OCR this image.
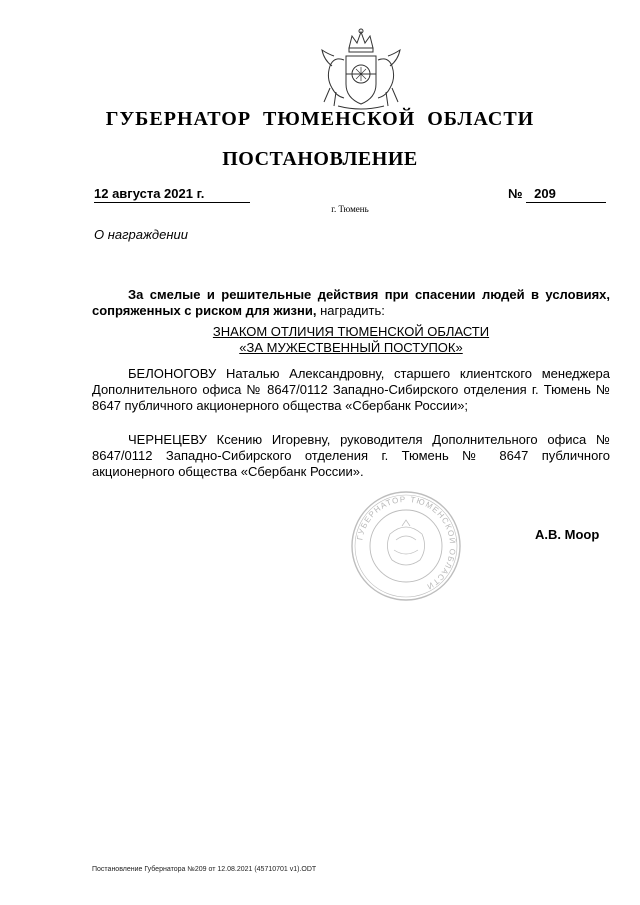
ГУБЕРНАТОР ТЮМЕНСКОЙ ОБЛАСТИ
ПОСТАНОВЛЕНИЕ
12 августа 2021 г.	№ 209
г. Тюмень
О награждении
За смелые и решительные действия при спасении людей в условиях, сопряженных с риском для жизни, наградить:
ЗНАКОМ ОТЛИЧИЯ ТЮМЕНСКОЙ ОБЛАСТИ
«ЗА МУЖЕСТВЕННЫЙ ПОСТУПОК»
БЕЛОНОГОВУ Наталью Александровну, старшего клиентского менеджера Дополнительного офиса № 8647/0112 Западно-Сибирского отделения г. Тюмень № 8647 публичного акционерного общества «Сбербанк России»;
ЧЕРНЕЦЕВУ Ксению Игоревну, руководителя Дополнительного офиса № 8647/0112 Западно-Сибирского отделения г. Тюмень № 8647 публичного акционерного общества «Сбербанк России».
ГУБЕРНАТОР ТЮМЕНСКОЙ ОБЛАСТИ
А.В. Моор
Постановление Губернатора №209 от 12.08.2021 (45710701 v1).ODT
